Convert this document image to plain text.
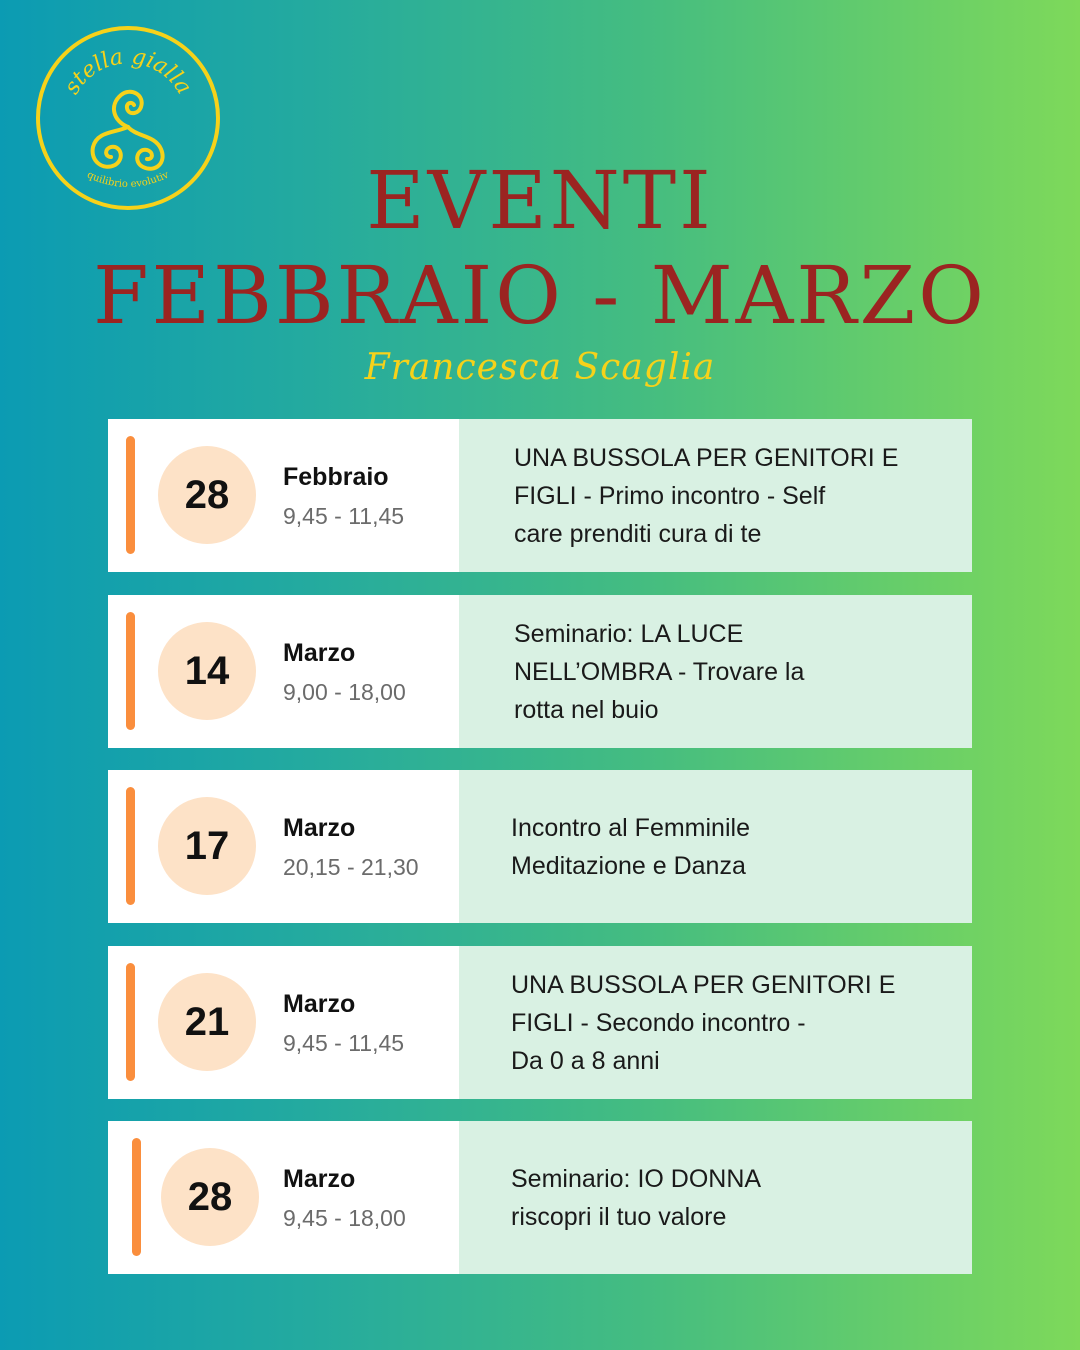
stella gialla
quilibrio evolutiv	EVENTI
FEBBRAIO - MARZO
Francesca Scaglia
28	Febbraio
9,45 - 11,45
UNA BUSSOLA PER GENITORI E
FIGLI - Primo incontro - Self
care prenditi cura di te
14	Marzo
9,00 - 18,00
Seminario: LA LUCE
NELL’OMBRA - Trovare la
rotta nel buio
17	Marzo
20,15 - 21,30
Incontro al Femminile
Meditazione e Danza
21	Marzo
9,45 - 11,45
UNA BUSSOLA PER GENITORI E
FIGLI - Secondo incontro -
Da 0 a 8 anni
28	Marzo
9,45 - 18,00
Seminario: IO DONNA
riscopri il tuo valore
